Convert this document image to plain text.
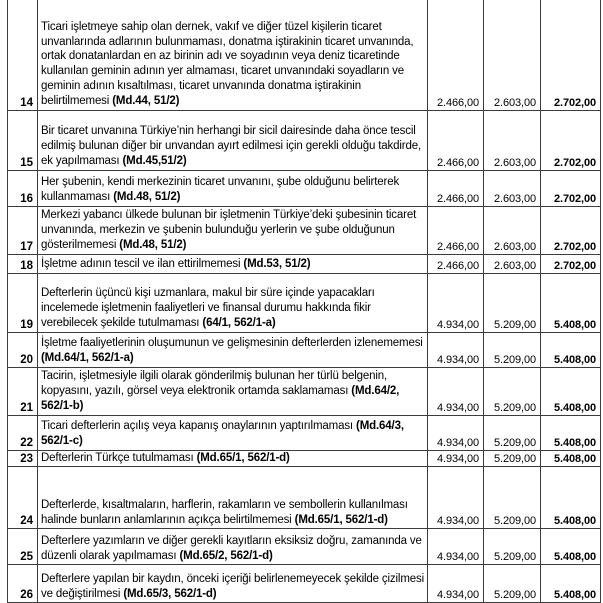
14	Ticari işletmeye sahip olan dernek, vakıf ve diğer tüzel kişilerin ticaret unvanlarında adlarının bulunmaması, donatma iştirakinin ticaret unvanında, ortak donatanlardan en az birinin adı ve soyadının veya deniz ticaretinde kullanılan geminin adının yer almaması, ticaret unvanındaki soyadların ve geminin adının kısaltılması, ticaret unvanında donatma iştirakinin belirtilmemesi (Md.44, 51/2)	2.466,00	2.603,00	2.702,00
15	Bir ticaret unvanına Türkiye’nin herhangi bir sicil dairesinde daha önce tescil edilmiş bulunan diğer bir unvandan ayırt edilmesi için gerekli olduğu takdirde, ek yapılmaması (Md.45,51/2)	2.466,00	2.603,00	2.702,00
16	Her şubenin, kendi merkezinin ticaret unvanını, şube olduğunu belirterek kullanmaması (Md.48, 51/2)	2.466,00	2.603,00	2.702,00
17	Merkezi yabancı ülkede bulunan bir işletmenin Türkiye’deki şubesinin ticaret unvanında, merkezin ve şubenin bulunduğu yerlerin ve şube olduğunun gösterilmemesi (Md.48, 51/2)	2.466,00	2.603,00	2.702,00
18	İşletme adının tescil ve ilan ettirilmemesi (Md.53, 51/2)	2.466,00	2.603,00	2.702,00
19	Defterlerin üçüncü kişi uzmanlara, makul bir süre içinde yapacakları incelemede işletmenin faaliyetleri ve finansal durumu hakkında fikir verebilecek şekilde tutulmaması (64/1, 562/1-a)	4.934,00	5.209,00	5.408,00
20	İşletme faaliyetlerinin oluşumunun ve gelişmesinin defterlerden izlenememesi (Md.64/1, 562/1-a)	4.934,00	5.209,00	5.408,00
21	Tacirin, işletmesiyle ilgili olarak gönderilmiş bulunan her türlü belgenin, kopyasını, yazılı, görsel veya elektronik ortamda saklamaması (Md.64/2, 562/1-b)	4.934,00	5.209,00	5.408,00
22	Ticari defterlerin açılış veya kapanış onaylarının yaptırılmaması (Md.64/3, 562/1-c)	4.934,00	5.209,00	5.408,00
23	Defterlerin Türkçe tutulmaması (Md.65/1, 562/1-d)	4.934,00	5.209,00	5.408,00
24	Defterlerde, kısaltmaların, harflerin, rakamların ve sembollerin kullanılması halinde bunların anlamlarının açıkça belirtilmemesi (Md.65/1, 562/1-d)	4.934,00	5.209,00	5.408,00
25	Defterlere yazımların ve diğer gerekli kayıtların eksiksiz doğru, zamanında ve düzenli olarak yapılmaması (Md.65/2, 562/1-d)	4.934,00	5.209,00	5.408,00
26	Defterlere yapılan bir kaydın, önceki içeriği belirlenemeyecek şekilde çizilmesi ve değiştirilmesi (Md.65/3, 562/1-d)	4.934,00	5.209,00	5.408,00
